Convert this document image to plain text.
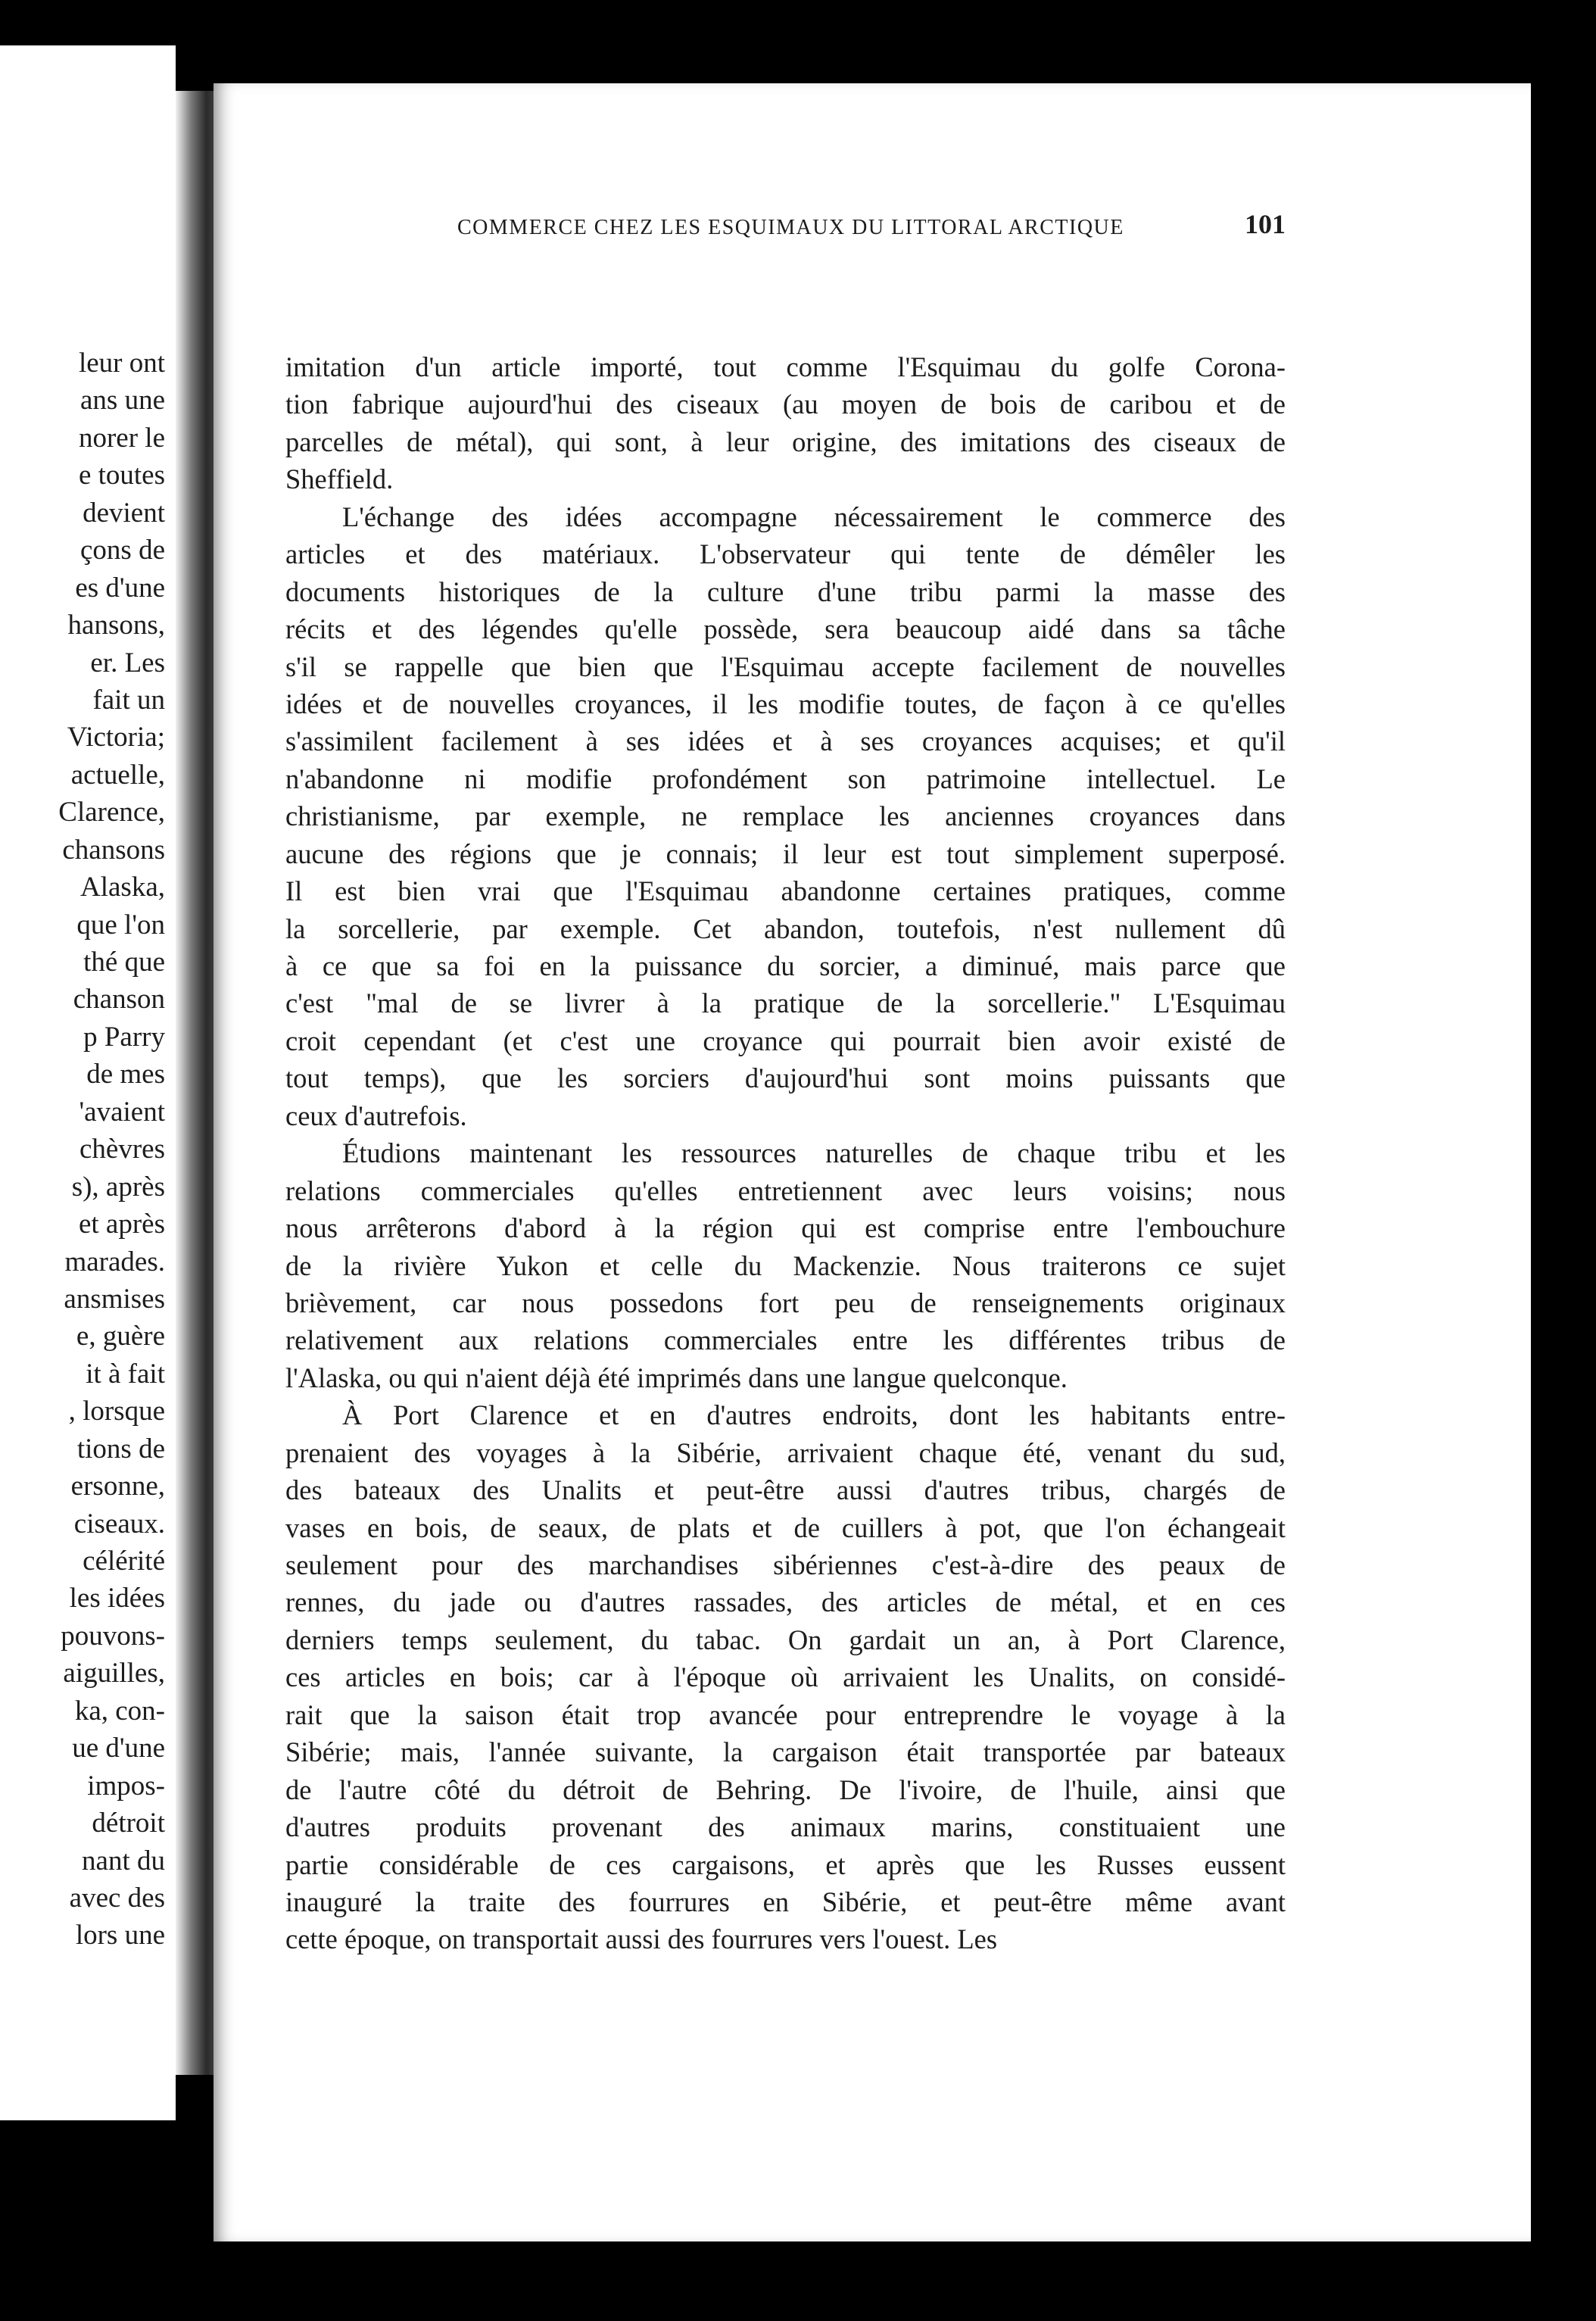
leur ont
ans une
norer le
e toutes
devient
çons de
es d'une
hansons,
er. Les
fait un
Victoria;
actuelle,
Clarence,
chansons
Alaska,
que l'on
thé que
chanson
p Parry
de mes
'avaient
chèvres
s), après
et après
marades.
ansmises
e, guère
it à fait
, lorsque
tions de
ersonne,
ciseaux.
célérité
les idées
pouvons-
aiguilles,
ka, con-
ue d'une
impos-
détroit
nant du
avec des
lors une
COMMERCE CHEZ LES ESQUIMAUX DU LITTORAL ARCTIQUE	101
imitation d'un article importé, tout comme l'Esquimau du golfe Corona-
tion fabrique aujourd'hui des ciseaux (au moyen de bois de caribou et de
parcelles de métal), qui sont, à leur origine, des imitations des ciseaux de
Sheffield.
L'échange des idées accompagne nécessairement le commerce des
articles et des matériaux. L'observateur qui tente de démêler les
documents historiques de la culture d'une tribu parmi la masse des
récits et des légendes qu'elle possède, sera beaucoup aidé dans sa tâche
s'il se rappelle que bien que l'Esquimau accepte facilement de nouvelles
idées et de nouvelles croyances, il les modifie toutes, de façon à ce qu'elles
s'assimilent facilement à ses idées et à ses croyances acquises; et qu'il
n'abandonne ni modifie profondément son patrimoine intellectuel. Le
christianisme, par exemple, ne remplace les anciennes croyances dans
aucune des régions que je connais; il leur est tout simplement superposé.
Il est bien vrai que l'Esquimau abandonne certaines pratiques, comme
la sorcellerie, par exemple. Cet abandon, toutefois, n'est nullement dû
à ce que sa foi en la puissance du sorcier, a diminué, mais parce que
c'est "mal de se livrer à la pratique de la sorcellerie." L'Esquimau
croit cependant (et c'est une croyance qui pourrait bien avoir existé de
tout temps), que les sorciers d'aujourd'hui sont moins puissants que
ceux d'autrefois.
Étudions maintenant les ressources naturelles de chaque tribu et les
relations commerciales qu'elles entretiennent avec leurs voisins; nous
nous arrêterons d'abord à la région qui est comprise entre l'embouchure
de la rivière Yukon et celle du Mackenzie. Nous traiterons ce sujet
brièvement, car nous possedons fort peu de renseignements originaux
relativement aux relations commerciales entre les différentes tribus de
l'Alaska, ou qui n'aient déjà été imprimés dans une langue quelconque.
À Port Clarence et en d'autres endroits, dont les habitants entre-
prenaient des voyages à la Sibérie, arrivaient chaque été, venant du sud,
des bateaux des Unalits et peut-être aussi d'autres tribus, chargés de
vases en bois, de seaux, de plats et de cuillers à pot, que l'on échangeait
seulement pour des marchandises sibériennes c'est-à-dire des peaux de
rennes, du jade ou d'autres rassades, des articles de métal, et en ces
derniers temps seulement, du tabac. On gardait un an, à Port Clarence,
ces articles en bois; car à l'époque où arrivaient les Unalits, on considé-
rait que la saison était trop avancée pour entreprendre le voyage à la
Sibérie; mais, l'année suivante, la cargaison était transportée par bateaux
de l'autre côté du détroit de Behring. De l'ivoire, de l'huile, ainsi que
d'autres produits provenant des animaux marins, constituaient une
partie considérable de ces cargaisons, et après que les Russes eussent
inauguré la traite des fourrures en Sibérie, et peut-être même avant
cette époque, on transportait aussi des fourrures vers l'ouest. Les
